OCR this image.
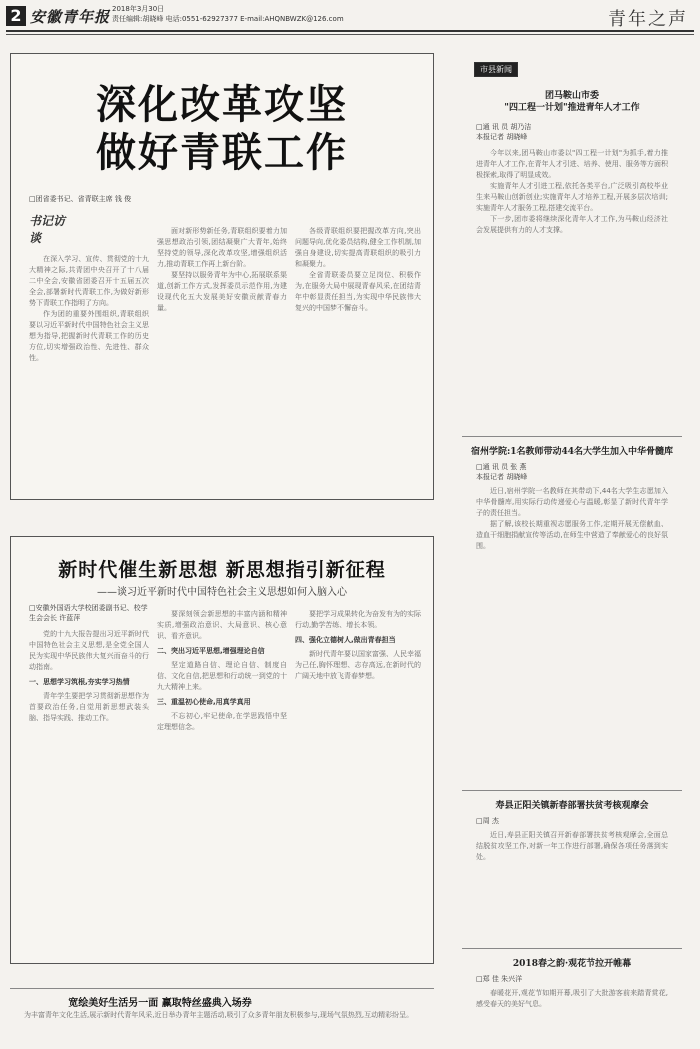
2 安徽青年报 2018年3月30日
责任编辑:胡晓峰 电话:0551-62927377 E-mail:AHQNBWZK@126.com	青年之声
深化改革攻坚
做好青联工作
□团省委书记、省青联主席 钱 俊
书记访谈

在深入学习、宣传、贯彻党的十九大精神之际,共青团中央召开了十八届二中全会,安徽省团委召开十五届五次全会,部署新时代青联工作,为做好新形势下青联工作指明了方向。

作为团的重要外围组织,青联组织要以习近平新时代中国特色社会主义思想为指导,把握新时代青联工作的历史方位,切实增强政治性、先进性、群众性。

面对新形势新任务,青联组织要着力加强思想政治引领,团结凝聚广大青年,始终坚持党的领导,深化改革攻坚,增强组织活力,推动青联工作再上新台阶。

要坚持以服务青年为中心,拓展联系渠道,创新工作方式,发挥委员示范作用,为建设现代化五大发展美好安徽贡献青春力量。

各级青联组织要把握改革方向,突出问题导向,优化委员结构,健全工作机制,加强自身建设,切实提高青联组织的吸引力和凝聚力。

全省青联委员要立足岗位、积极作为,在服务大局中展现青春风采,在团结青年中彰显责任担当,为实现中华民族伟大复兴的中国梦不懈奋斗。

新时代催生新思想 新思想指引新征程
——谈习近平新时代中国特色社会主义思想如何入脑入心
□安徽外国语大学校团委副书记、校学生会会长 许蓝萍

党的十九大报告提出习近平新时代中国特色社会主义思想,是全党全国人民为实现中华民族伟大复兴而奋斗的行动指南。

一、思想学习筑根,夯实学习热情

青年学生要把学习贯彻新思想作为首要政治任务,自觉用新思想武装头脑、指导实践、推动工作。

要深刻领会新思想的丰富内涵和精神实质,增强政治意识、大局意识、核心意识、看齐意识。

二、突出习近平思想,增强理论自信

坚定道路自信、理论自信、制度自信、文化自信,把思想和行动统一到党的十九大精神上来。

三、重温初心使命,用真学真用

不忘初心,牢记使命,在学思践悟中坚定理想信念。

要把学习成果转化为奋发有为的实际行动,勤学苦练、增长本领。

四、强化立德树人,做出青春担当

新时代青年要以国家富强、人民幸福为己任,胸怀理想、志存高远,在新时代的广阔天地中放飞青春梦想。

宽绘美好生活另一面 赢取特丝盛典入场券

为丰富青年文化生活,展示新时代青年风采,近日举办青年主题活动,吸引了众多青年朋友积极参与,现场气氛热烈,互动精彩纷呈。

市县新闻
团马鞍山市委
"四工程一计划"推进青年人才工作
□通 讯 员 胡乃洁
本报记者 胡晓峰

今年以来,团马鞍山市委以"四工程一计划"为抓手,着力推进青年人才工作,在青年人才引进、培养、使用、服务等方面积极探索,取得了明显成效。

实施青年人才引进工程,依托各类平台,广泛吸引高校毕业生来马鞍山创新创业;实施青年人才培养工程,开展多层次培训;实施青年人才服务工程,搭建交流平台。

下一步,团市委将继续深化青年人才工作,为马鞍山经济社会发展提供有力的人才支撑。

宿州学院:1名教师带动44名大学生加入中华骨髓库
□通 讯 员 张 燕
本报记者 胡晓峰

近日,宿州学院一名教师在其带动下,44名大学生志愿加入中华骨髓库,用实际行动传递爱心与温暖,彰显了新时代青年学子的责任担当。

据了解,该校长期重视志愿服务工作,定期开展无偿献血、造血干细胞捐献宣传等活动,在师生中营造了奉献爱心的良好氛围。

寿县正阳关镇新春部署扶贫考核观摩会
□周 杰

近日,寿县正阳关镇召开新春部署扶贫考核观摩会,全面总结脱贫攻坚工作,对新一年工作进行部署,确保各项任务落到实处。

2018春之韵·观花节拉开帷幕
□郑 佳 朱兴洋

春暖花开,观花节如期开幕,吸引了大批游客前来踏青赏花,感受春天的美好气息。
